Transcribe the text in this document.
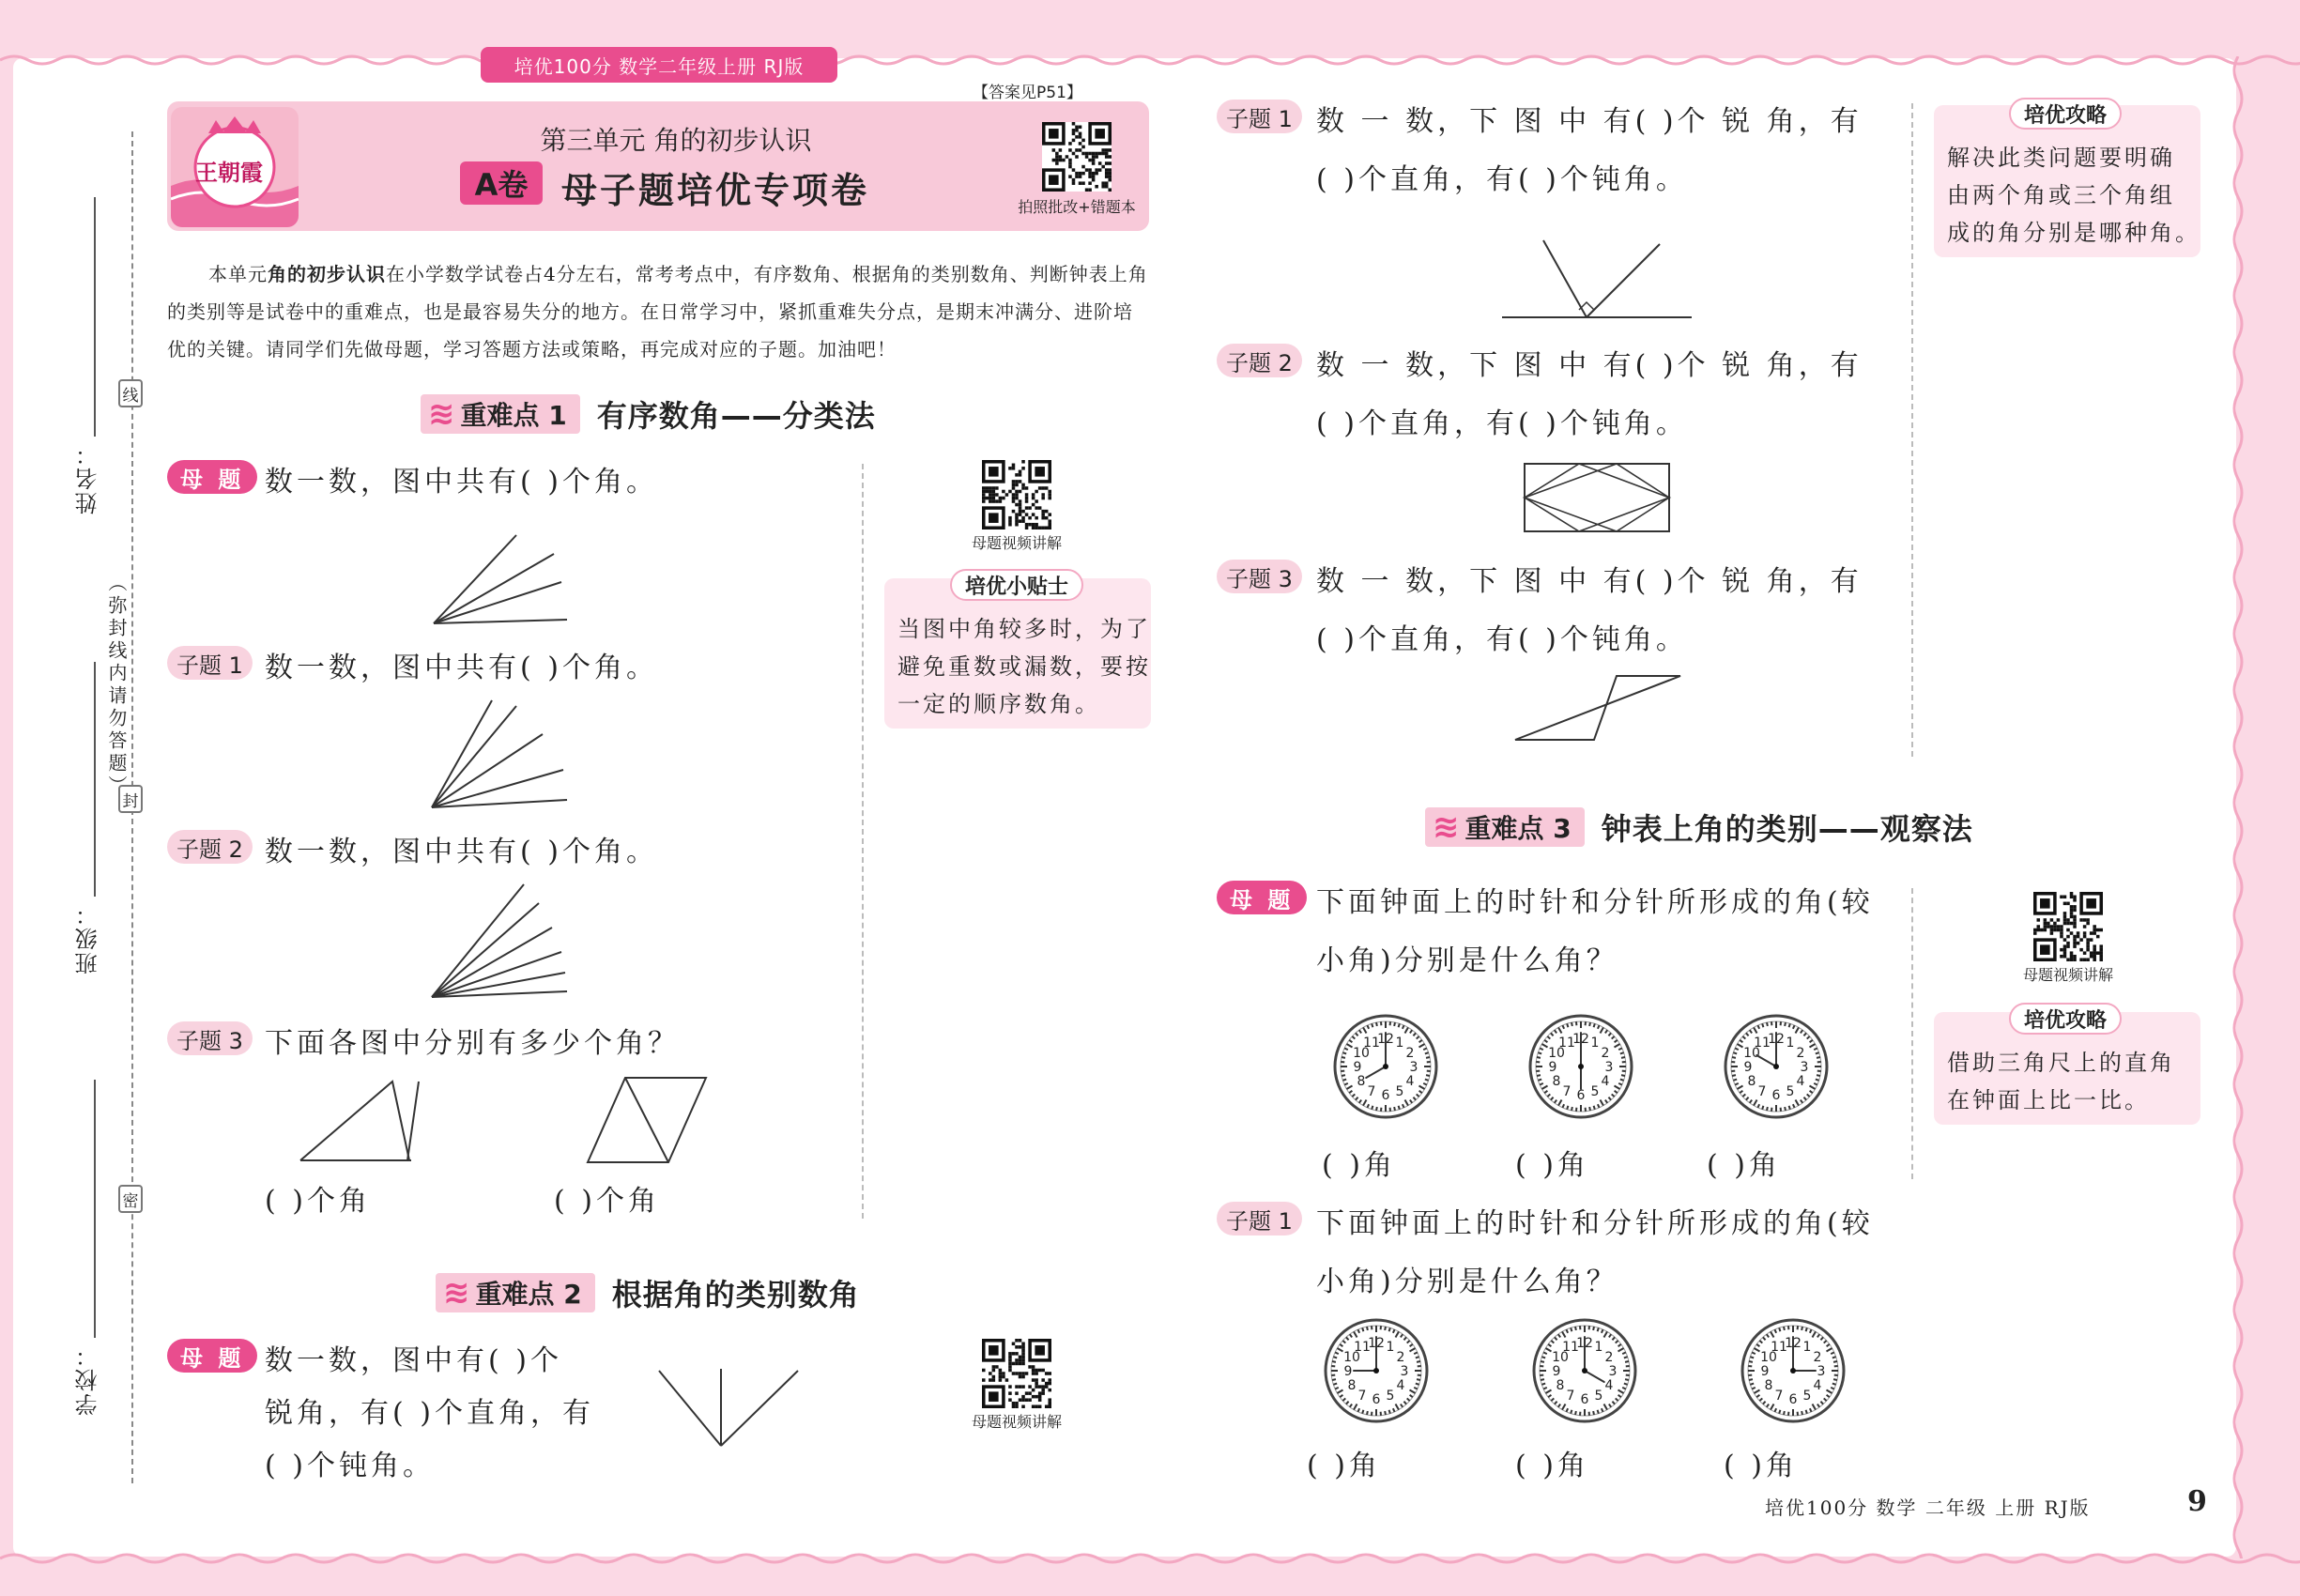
培优100分 数学二年级上册 RJ版
姓名：
班级：
学校：
线
封
密
（弥封线内请勿答题）
王朝霞
第三单元 角的初步认识
A卷 母子题培优专项卷
【答案见P51】
拍照批改+错题本
本单元角的初步认识在小学数学试卷占4分左右，常考考点中，有序数角、根据角的类别数角、判断钟表上角的类别等是试卷中的重难点，也是最容易失分的地方。在日常学习中，紧抓重难失分点，是期末冲满分、进阶培优的关键。请同学们先做母题，学习答题方法或策略，再完成对应的子题。加油吧！
≋ 重难点 1 有序数角——分类法
母 题 数一数，图中共有( )个角。
子题 1 数一数，图中共有( )个角。
子题 2 数一数，图中共有( )个角。
子题 3 下面各图中分别有多少个角？
( )个角	( )个角
母题视频讲解
培优小贴士
当图中角较多时，为了
避免重数或漏数，要按
一定的顺序数角。
≋ 重难点 2 根据角的类别数角
母 题 数一数，图中有( )个
锐角，有( )个直角，有
( )个钝角。
母题视频讲解
子题 1 数 一 数，下 图 中 有( )个 锐 角，有
( )个直角，有( )个钝角。
子题 2 数 一 数，下 图 中 有( )个 锐 角，有
( )个直角，有( )个钝角。
子题 3 数 一 数，下 图 中 有( )个 锐 角，有
( )个直角，有( )个钝角。
培优攻略
解决此类问题要明确
由两个角或三个角组
成的角分别是哪种角。
≋ 重难点 3 钟表上角的类别——观察法
母 题 下面钟面上的时针和分针所形成的角(较
小角)分别是什么角？
12 1
2
3
4
5
6
7
8
9
10
11	12 1
2
3
4
5
6
7
8
9
10
11	12 1
2
3
4
5
6
7
8
9
10
11
( )角	( )角	( )角
母题视频讲解
培优攻略
借助三角尺上的直角
在钟面上比一比。
子题 1 下面钟面上的时针和分针所形成的角(较
小角)分别是什么角？
12 1
2
3
4
5
6
7
8
9
10
11	12 1
2
3
4
5
6
7
8
9
10
11	12 1
2
3
4
5
6
7
8
9
10
11
( )角	( )角	( )角
培优100分 数学 二年级 上册 RJ版	9
